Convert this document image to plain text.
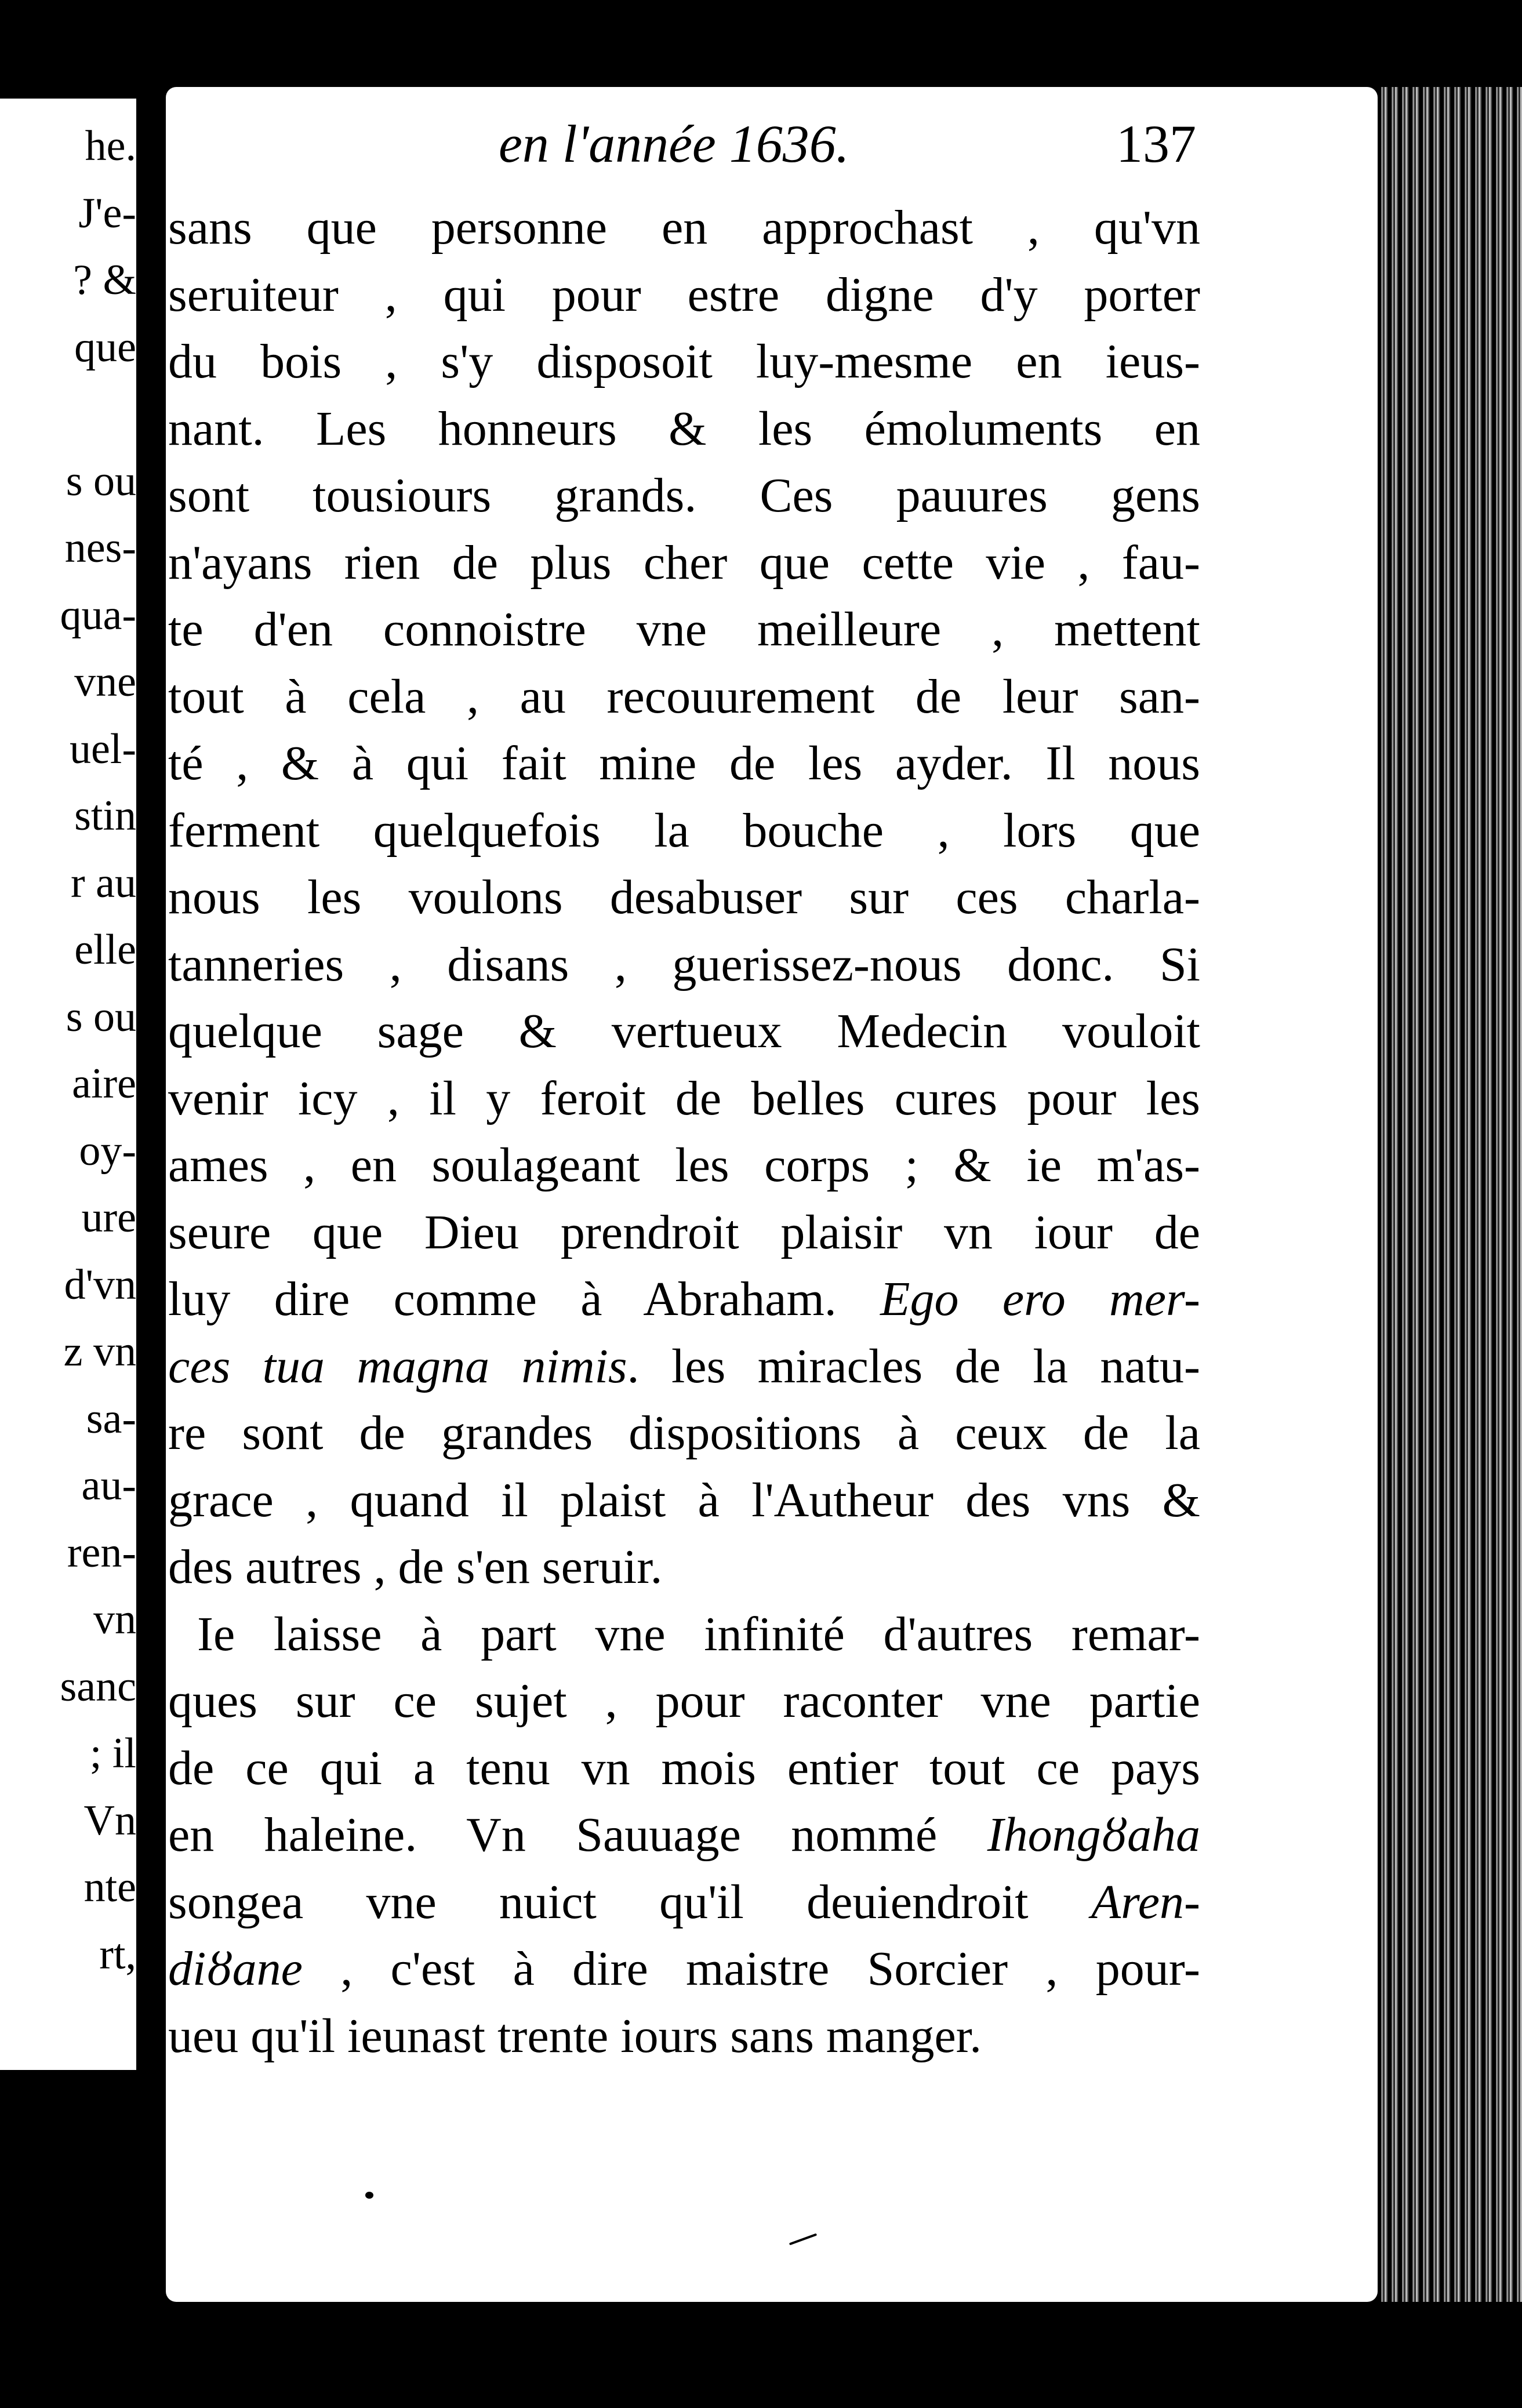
he.
J'e-
? &
que
s ou
nes-
qua-
vne
uel-
stin
r au
elle
s ou
aire
oy-
ure
d'vn
z vn
sa-
au-
ren-
vn
sanc
; il
Vn
nte
rt,
en l'année 1636.	137
sans que personne en approchast , qu'vn
seruiteur , qui pour estre digne d'y porter
du bois , s'y disposoit luy-mesme en ieus-
nant. Les honneurs & les émoluments en
sont tousiours grands. Ces pauures gens
n'ayans rien de plus cher que cette vie , fau-
te d'en connoistre vne meilleure , mettent
tout à cela , au recouurement de leur san-
té , & à qui fait mine de les ayder. Il nous
ferment quelquefois la bouche , lors que
nous les voulons desabuser sur ces charla-
tanneries , disans , guerissez-nous donc. Si
quelque sage & vertueux Medecin vouloit
venir icy , il y feroit de belles cures pour les
ames , en soulageant les corps ; & ie m'as-
seure que Dieu prendroit plaisir vn iour de
luy dire comme à Abraham. Ego ero mer-
ces tua magna nimis. les miracles de la natu-
re sont de grandes dispositions à ceux de la
grace , quand il plaist à l'Autheur des vns &
des autres , de s'en seruir.
Ie laisse à part vne infinité d'autres remar-
ques sur ce sujet , pour raconter vne partie
de ce qui a tenu vn mois entier tout ce pays
en haleine. Vn Sauuage nommé Ihongȣaha
songea vne nuict qu'il deuiendroit Aren-
diȣane , c'est à dire maistre Sorcier , pour-
ueu qu'il ieunast trente iours sans manger.
